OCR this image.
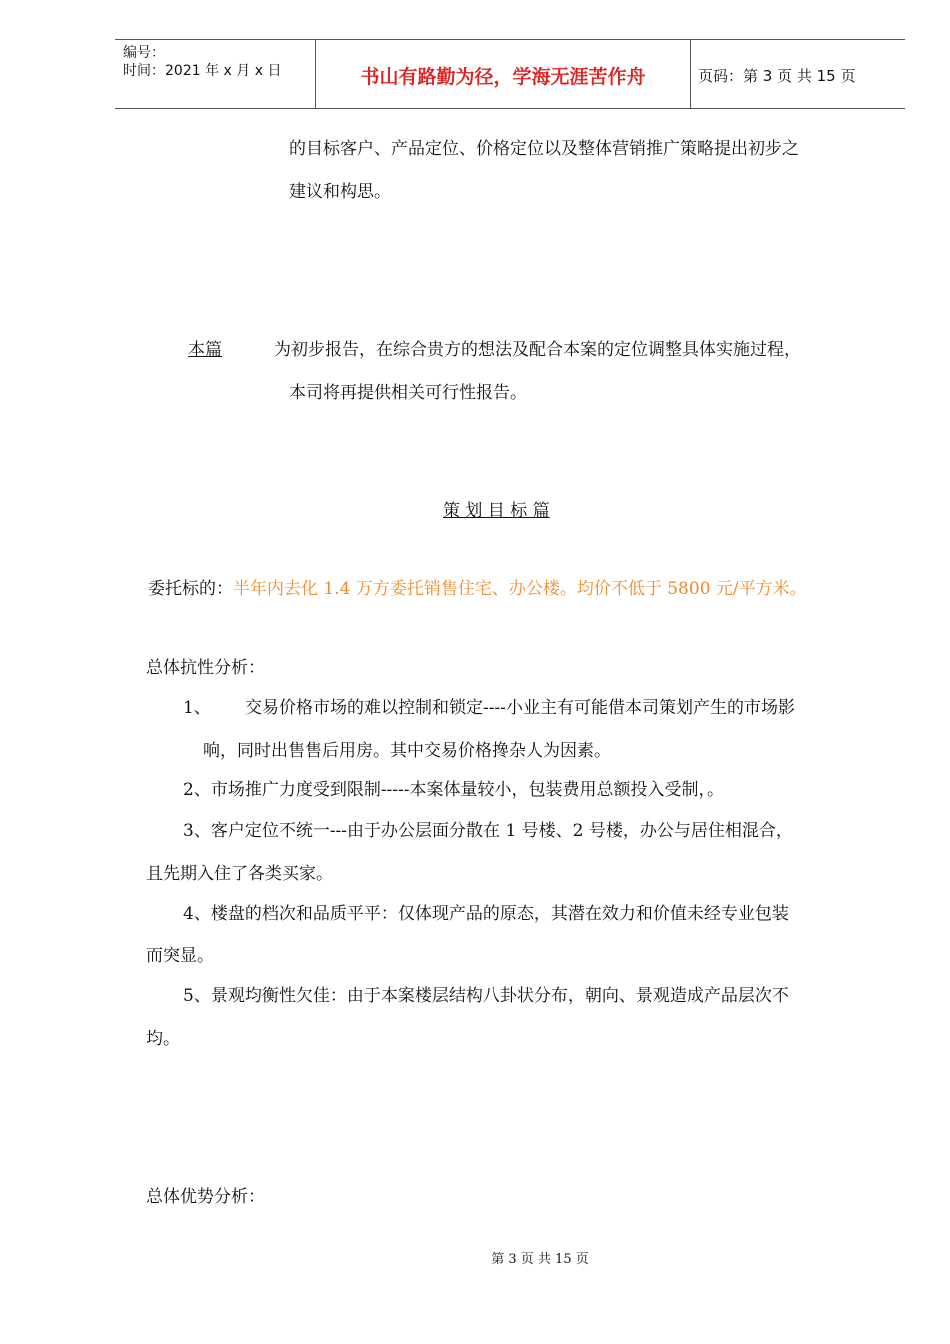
编号：
时间：2021 年 x 月 x 日	书山有路勤为径，学海无涯苦作舟	页码：第 3 页 共 15 页
的目标客户、产品定位、价格定位以及整体营销推广策略提出初步之
建议和构思。
本篇	为初步报告，在综合贵方的想法及配合本案的定位调整具体实施过程，
本司将再提供相关可行性报告。
策 划 目 标 篇
委托标的：半年内去化 1.4 万方委托销售住宅、办公楼。均价不低于 5800 元/平方米。
总体抗性分析：
1、 交易价格市场的难以控制和锁定----小业主有可能借本司策划产生的市场影
响，同时出售售后用房。其中交易价格搀杂人为因素。
2、市场推广力度受到限制-----本案体量较小，包装费用总额投入受制，。
3、客户定位不统一---由于办公层面分散在 1 号楼、2 号楼，办公与居住相混合，
且先期入住了各类买家。
4、楼盘的档次和品质平平：仅体现产品的原态，其潜在效力和价值未经专业包装
而突显。
5、景观均衡性欠佳：由于本案楼层结构八卦状分布，朝向、景观造成产品层次不
均。
总体优势分析：
第 3 页 共 15 页
